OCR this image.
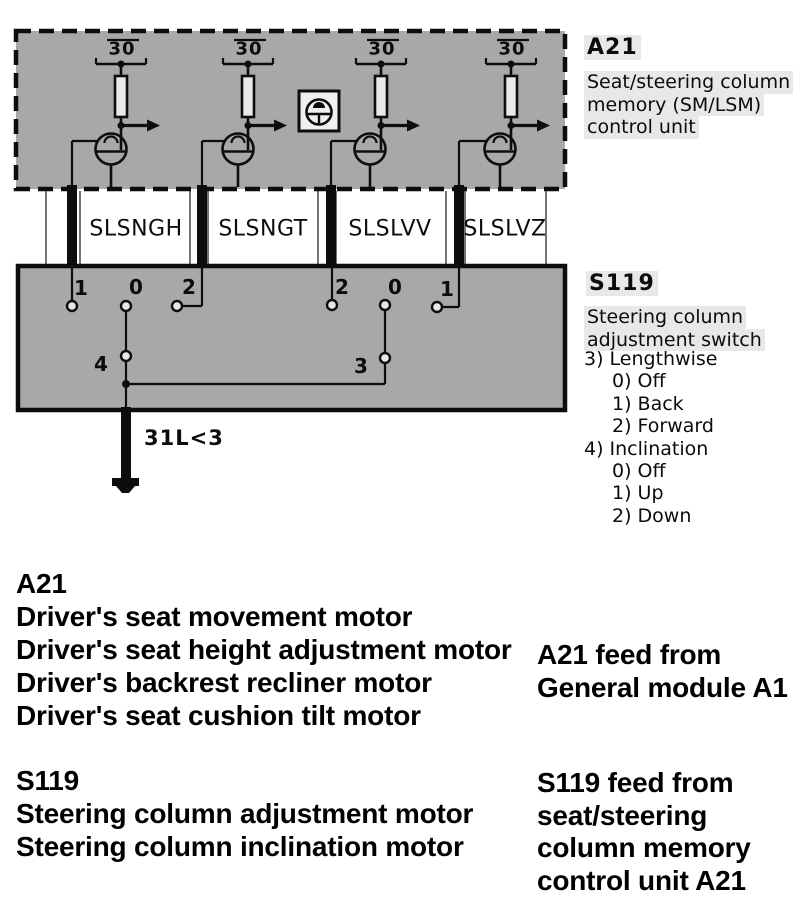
30	30	30	30
SLSNGH SLSNGT SLSLVV SLSLVZ
1 0 2	2 0 1
4	3
31L<3
A21
Seat/steering column
memory (SM/LSM)
control unit
S119
Steering column
adjustment switch
3) Lengthwise
0) Off
1) Back
2) Forward
4) Inclination
0) Off
1) Up
2) Down
A21
Driver's seat movement motor
Driver's seat height adjustment motor
Driver's backrest recliner motor
Driver's seat cushion tilt motor
A21 feed from
General module A1
S119
Steering column adjustment motor
Steering column inclination motor
S119 feed from
seat/steering
column memory
control unit A21
